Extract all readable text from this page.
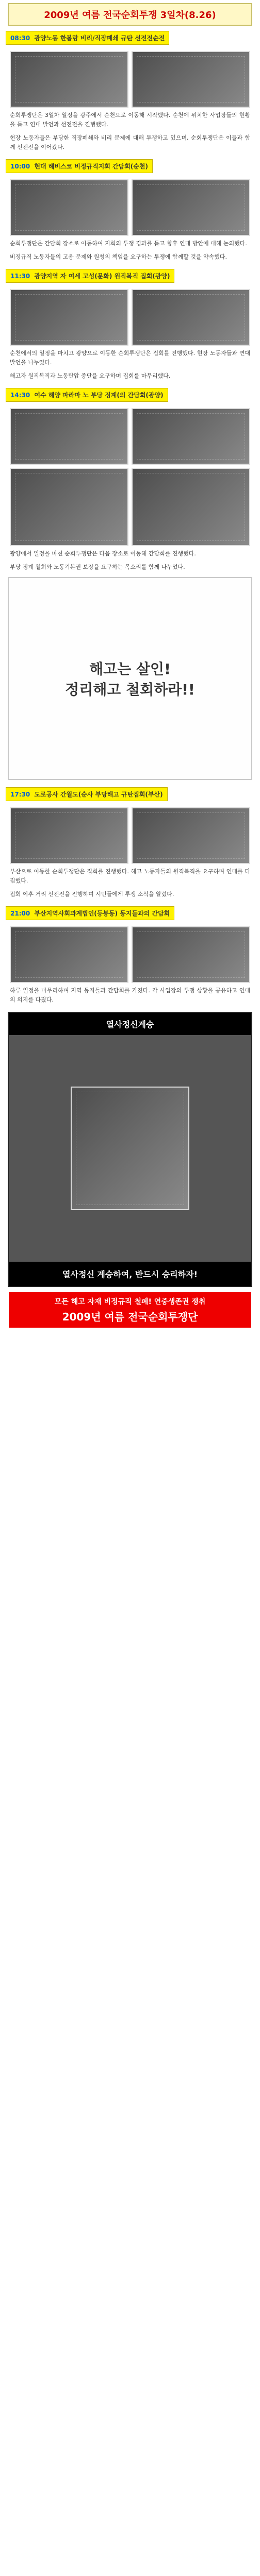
2009년 여름 전국순회투쟁 3일차(8.26)
08:30 광양노동 한봄랑 비리/직장폐쇄 규탄 선전전순전

순회투쟁단은 3일차 일정을 광주에서 순천으로 이동해 시작했다. 순천에 위치한 사업장들의 현황을 듣고 연대 발언과 선전전을 진행했다.

현장 노동자들은 부당한 직장폐쇄와 비리 문제에 대해 투쟁하고 있으며, 순회투쟁단은 이들과 함께 선전전을 이어갔다.

10:00 현대 해비스코 비정규직지회 간담회(순천)

순회투쟁단은 간담회 장소로 이동하여 지회의 투쟁 경과를 듣고 향후 연대 방안에 대해 논의했다.

비정규직 노동자들의 고용 문제와 원청의 책임을 요구하는 투쟁에 함께할 것을 약속했다.

11:30 광양지역 자 여세 고성(문화) 원직복직 집회(광양)

순천에서의 일정을 마치고 광양으로 이동한 순회투쟁단은 집회를 진행했다. 현장 노동자들과 연대 발언을 나누었다.

해고자 원직복직과 노동탄압 중단을 요구하며 집회를 마무리했다.

14:30 여수 해양 파라마 노 부당 징계(의 간담회(광양)

광양에서 일정을 마친 순회투쟁단은 다음 장소로 이동해 간담회를 진행했다.

부당 징계 철회와 노동기본권 보장을 요구하는 목소리를 함께 나누었다.

해고는 살인!
정리해고 철회하라!!
17:30 도로공사 간월도(순사 부당해고 규탄집회(부산)

부산으로 이동한 순회투쟁단은 집회를 진행했다. 해고 노동자들의 원직복직을 요구하며 연대를 다짐했다.

집회 이후 거리 선전전을 진행하며 시민들에게 투쟁 소식을 알렸다.

21:00 부산지역사회과계법인(등봉동) 동지들과의 간담회

하루 일정을 마무리하며 지역 동지들과 간담회를 가졌다. 각 사업장의 투쟁 상황을 공유하고 연대의 의지를 다졌다.

열사정신계승
열사정신 계승하여, 반드시 승리하자!
모든 해고 자재 비정규직 철폐! 연중생존권 쟁취
2009년 여름 전국순회투쟁단
